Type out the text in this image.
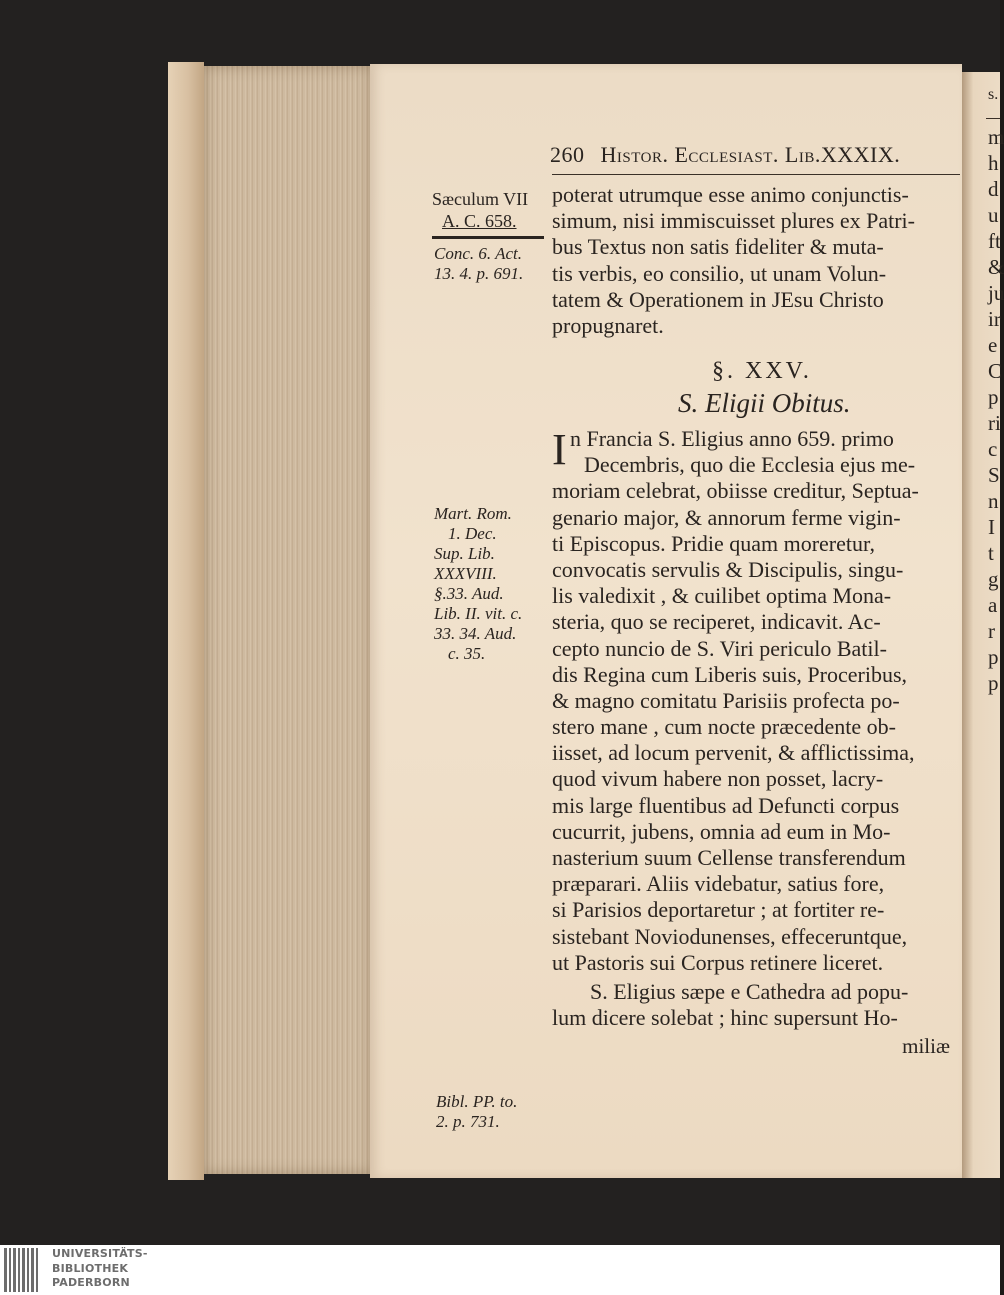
260 Histor. Ecclesiast. Lib.XXXIX.
Sæculum VII
A. C. 658.
Conc. 6. Act.
13. 4. p. 691.
Mart. Rom.
1. Dec.
Sup. Lib.
XXXVIII.
§.33. Aud.
Lib. II. vit. c.
33. 34. Aud.
c. 35.
Bibl. PP. to.
2. p. 731.
poterat utrumque esse animo conjunctis-
simum, nisi immiscuisset plures ex Patri-
bus Textus non satis fideliter & muta-
tis verbis, eo consilio, ut unam Volun-
tatem & Operationem in JEsu Christo
propugnaret.
§. XXV.
S. Eligii Obitus.
I n Francia S. Eligius anno 659. primo
Decembris, quo die Ecclesia ejus me-
moriam celebrat, obiisse creditur, Septua-
genario major, & annorum ferme vigin-
ti Episcopus. Pridie quam moreretur,
convocatis servulis & Discipulis, singu-
lis valedixit , & cuilibet optima Mona-
steria, quo se reciperet, indicavit. Ac-
cepto nuncio de S. Viri periculo Batil-
dis Regina cum Liberis suis, Proceribus,
& magno comitatu Parisiis profecta po-
stero mane , cum nocte præcedente ob-
iisset, ad locum pervenit, & afflictissima,
quod vivum habere non posset, lacry-
mis large fluentibus ad Defuncti corpus
cucurrit, jubens, omnia ad eum in Mo-
nasterium suum Cellense transferendum
præparari. Aliis videbatur, satius fore,
si Parisios deportaretur ; at fortiter re-
sistebant Noviodunenses, effeceruntque,
ut Pastoris sui Corpus retinere liceret.
S. Eligius sæpe e Cathedra ad popu-
lum dicere solebat ; hinc supersunt Ho-
miliæ
s.
m
h
d
u
ft
&
ju
ir
e
C
p
ri
c
S
n
I
t
g
a
r
p
p
UNIVERSITÄTS-
BIBLIOTHEK
PADERBORN
